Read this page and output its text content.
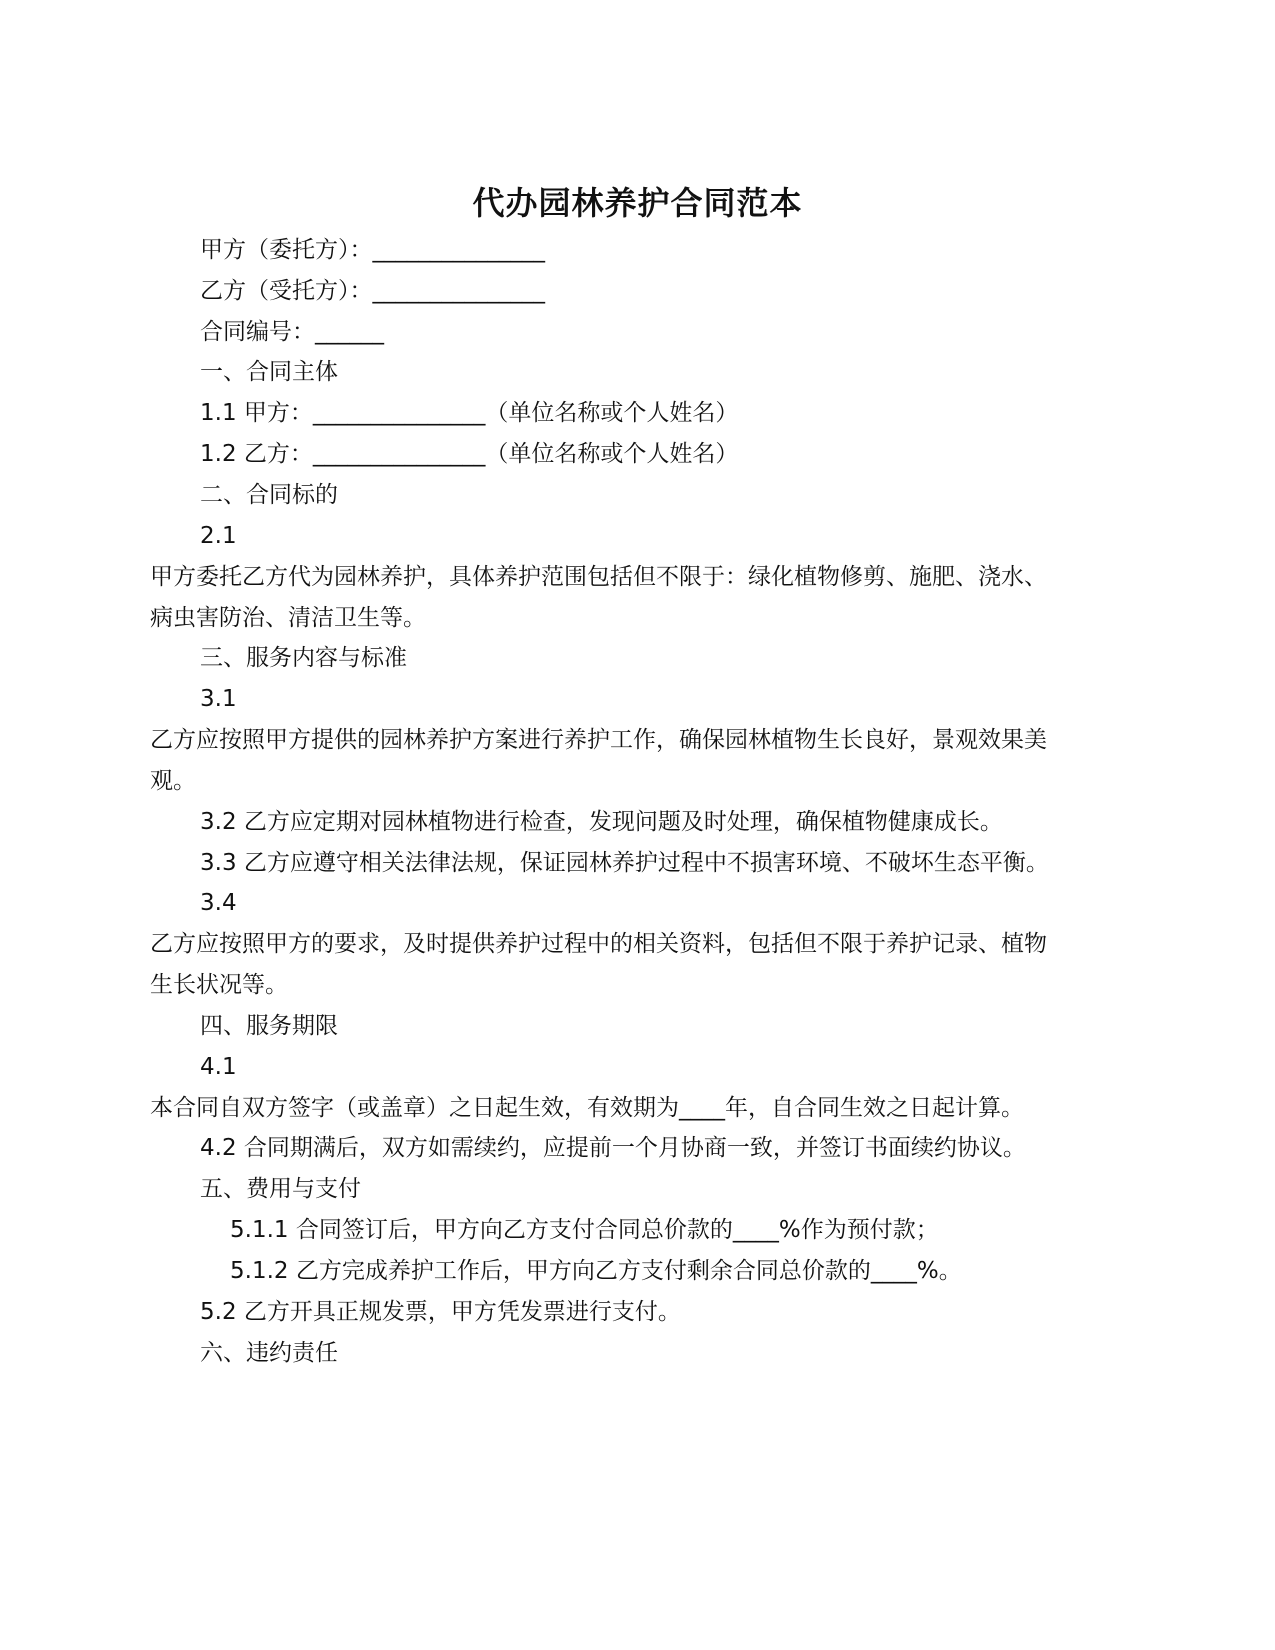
代办园林养护合同范本
甲方（委托方）：_______________
乙方（受托方）：_______________
合同编号：______
一、合同主体
1.1 甲方：_______________（单位名称或个人姓名）
1.2 乙方：_______________（单位名称或个人姓名）
二、合同标的
2.1
甲方委托乙方代为园林养护，具体养护范围包括但不限于：绿化植物修剪、施肥、浇水、
病虫害防治、清洁卫生等。
三、服务内容与标准
3.1
乙方应按照甲方提供的园林养护方案进行养护工作，确保园林植物生长良好，景观效果美
观。
3.2 乙方应定期对园林植物进行检查，发现问题及时处理，确保植物健康成长。
3.3 乙方应遵守相关法律法规，保证园林养护过程中不损害环境、不破坏生态平衡。
3.4
乙方应按照甲方的要求，及时提供养护过程中的相关资料，包括但不限于养护记录、植物
生长状况等。
四、服务期限
4.1
本合同自双方签字（或盖章）之日起生效，有效期为____年，自合同生效之日起计算。
4.2 合同期满后，双方如需续约，应提前一个月协商一致，并签订书面续约协议。
五、费用与支付
5.1.1 合同签订后，甲方向乙方支付合同总价款的____%作为预付款；
5.1.2 乙方完成养护工作后，甲方向乙方支付剩余合同总价款的____%。
5.2 乙方开具正规发票，甲方凭发票进行支付。
六、违约责任
